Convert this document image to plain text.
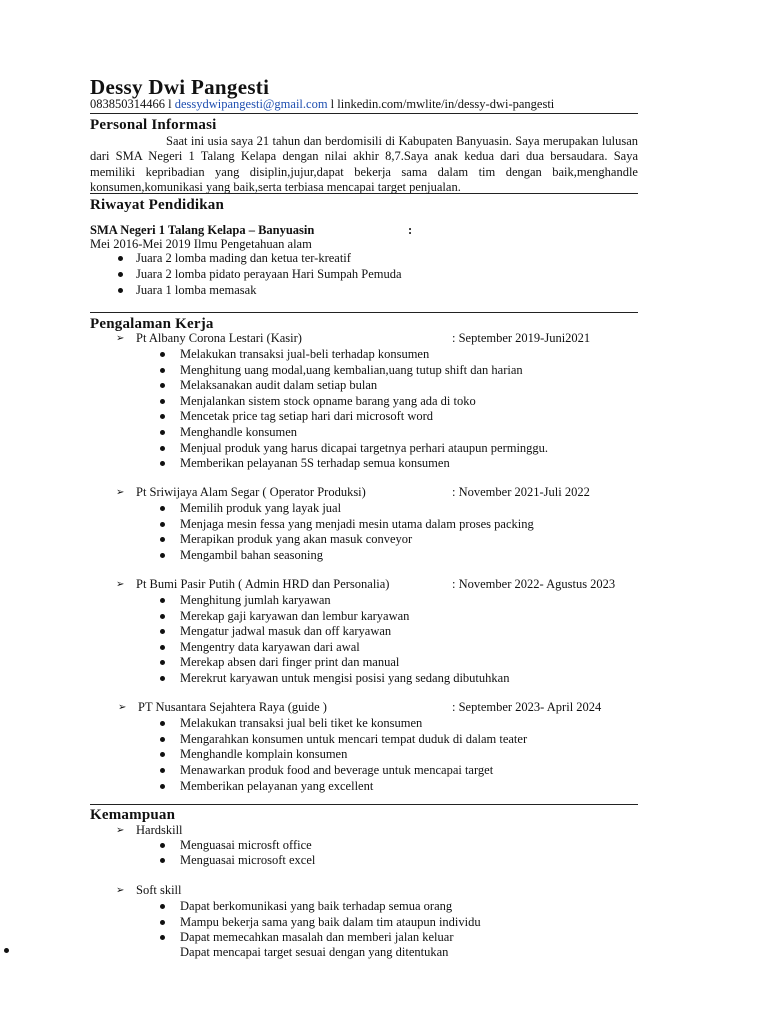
Dessy Dwi Pangesti
083850314466 l dessydwipangesti@gmail.com l linkedin.com/mwlite/in/dessy-dwi-pangesti
Personal Informasi
Saat ini usia saya 21 tahun dan berdomisili di Kabupaten Banyuasin. Saya merupakan lulusan dari SMA Negeri 1 Talang Kelapa dengan nilai akhir 8,7.Saya anak kedua dari dua bersaudara. Saya memiliki kepribadian yang disiplin,jujur,dapat bekerja sama dalam tim dengan baik,menghandle konsumen,komunikasi yang baik,serta terbiasa mencapai target penjualan.
Riwayat Pendidikan
SMA Negeri 1 Talang Kelapa – Banyuasin	:
Mei 2016-Mei 2019 Ilmu Pengetahuan alam
Juara 2 lomba mading dan ketua ter-kreatif
Juara 2 lomba pidato perayaan Hari Sumpah Pemuda
Juara 1 lomba memasak
Pengalaman Kerja
➢ Pt Albany Corona Lestari (Kasir)	: September 2019-Juni2021
Melakukan transaksi jual-beli terhadap konsumen
Menghitung uang modal,uang kembalian,uang tutup shift dan harian
Melaksanakan audit dalam setiap bulan
Menjalankan sistem stock opname barang yang ada di toko
Mencetak price tag setiap hari dari microsoft word
Menghandle konsumen
Menjual produk yang harus dicapai targetnya perhari ataupun perminggu.
Memberikan pelayanan 5S terhadap semua konsumen
➢ Pt Sriwijaya Alam Segar ( Operator Produksi)	: November 2021-Juli 2022
Memilih produk yang layak jual
Menjaga mesin fessa yang menjadi mesin utama dalam proses packing
Merapikan produk yang akan masuk conveyor
Mengambil bahan seasoning
➢ Pt Bumi Pasir Putih ( Admin HRD dan Personalia)	: November 2022- Agustus 2023
Menghitung jumlah karyawan
Merekap gaji karyawan dan lembur karyawan
Mengatur jadwal masuk dan off karyawan
Mengentry data karyawan dari awal
Merekap absen dari finger print dan manual
Merekrut karyawan untuk mengisi posisi yang sedang dibutuhkan
➢ PT Nusantara Sejahtera Raya (guide )	: September 2023- April 2024
Melakukan transaksi jual beli tiket ke konsumen
Mengarahkan konsumen untuk mencari tempat duduk di dalam teater
Menghandle komplain konsumen
Menawarkan produk food and beverage untuk mencapai target
Memberikan pelayanan yang excellent
Kemampuan
➢ Hardskill
Menguasai microsft office
Menguasai microsoft excel
➢ Soft skill
Dapat berkomunikasi yang baik terhadap semua orang
Mampu bekerja sama yang baik dalam tim ataupun individu
Dapat memecahkan masalah dan memberi jalan keluar
Dapat mencapai target sesuai dengan yang ditentukan
